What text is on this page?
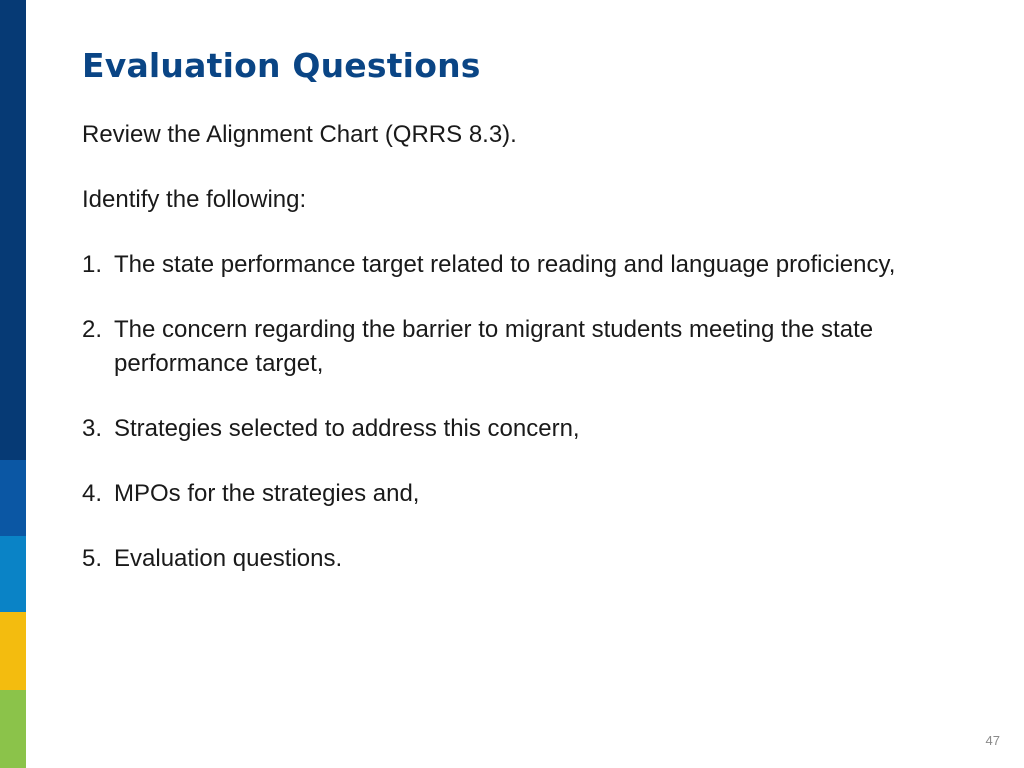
Evaluation Questions

Review the Alignment Chart (QRRS 8.3).

Identify the following:

1. The state performance target related to reading and language proficiency,
2. The concern regarding the barrier to migrant students meeting the state performance target,
3. Strategies selected to address this concern,
4. MPOs for the strategies and,
5. Evaluation questions.
47
